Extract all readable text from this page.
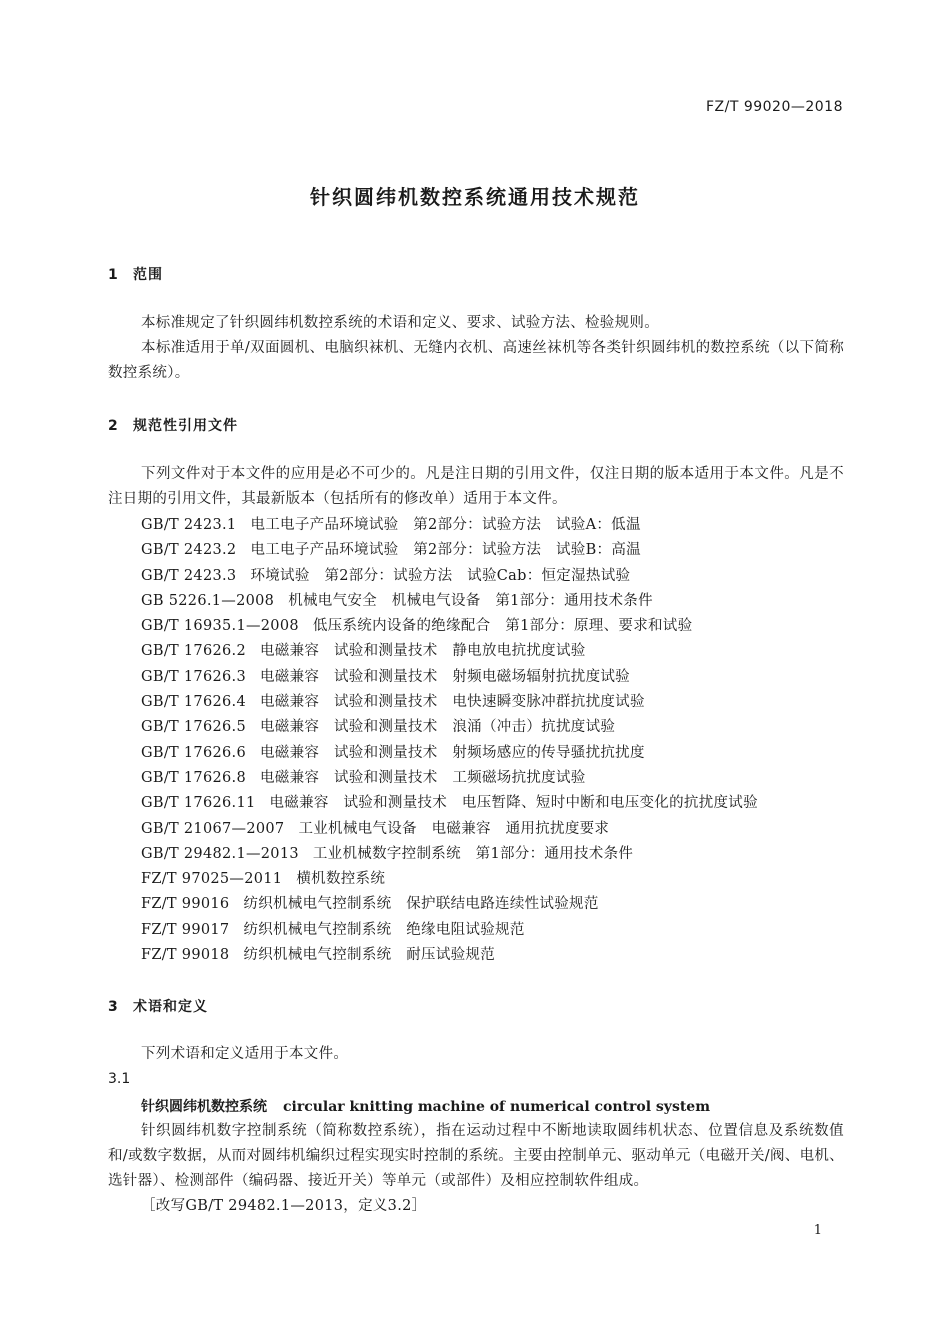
FZ/T 99020—2018
针织圆纬机数控系统通用技术规范
1 范围

本标准规定了针织圆纬机数控系统的术语和定义、要求、试验方法、检验规则。

本标准适用于单/双面圆机、电脑织袜机、无缝内衣机、高速丝袜机等各类针织圆纬机的数控系统（以下简称数控系统）。

2 规范性引用文件

下列文件对于本文件的应用是必不可少的。凡是注日期的引用文件，仅注日期的版本适用于本文件。凡是不注日期的引用文件，其最新版本（包括所有的修改单）适用于本文件。

GB/T 2423.1 电工电子产品环境试验　第2部分：试验方法　试验A：低温
GB/T 2423.2 电工电子产品环境试验　第2部分：试验方法　试验B：高温
GB/T 2423.3 环境试验　第2部分：试验方法　试验Cab：恒定湿热试验
GB 5226.1—2008 机械电气安全　机械电气设备　第1部分：通用技术条件
GB/T 16935.1—2008 低压系统内设备的绝缘配合　第1部分：原理、要求和试验
GB/T 17626.2 电磁兼容　试验和测量技术　静电放电抗扰度试验
GB/T 17626.3 电磁兼容　试验和测量技术　射频电磁场辐射抗扰度试验
GB/T 17626.4 电磁兼容　试验和测量技术　电快速瞬变脉冲群抗扰度试验
GB/T 17626.5 电磁兼容　试验和测量技术　浪涌（冲击）抗扰度试验
GB/T 17626.6 电磁兼容　试验和测量技术　射频场感应的传导骚扰抗扰度
GB/T 17626.8 电磁兼容　试验和测量技术　工频磁场抗扰度试验
GB/T 17626.11 电磁兼容　试验和测量技术　电压暂降、短时中断和电压变化的抗扰度试验
GB/T 21067—2007 工业机械电气设备　电磁兼容　通用抗扰度要求
GB/T 29482.1—2013 工业机械数字控制系统　第1部分：通用技术条件
FZ/T 97025—2011 横机数控系统
FZ/T 99016 纺织机械电气控制系统　保护联结电路连续性试验规范
FZ/T 99017 纺织机械电气控制系统　绝缘电阻试验规范
FZ/T 99018 纺织机械电气控制系统　耐压试验规范
3 术语和定义

下列术语和定义适用于本文件。

3.1
针织圆纬机数控系统 circular knitting machine of numerical control system

针织圆纬机数字控制系统（简称数控系统），指在运动过程中不断地读取圆纬机状态、位置信息及系统数值和/或数字数据，从而对圆纬机编织过程实现实时控制的系统。主要由控制单元、驱动单元（电磁开关/阀、电机、选针器）、检测部件（编码器、接近开关）等单元（或部件）及相应控制软件组成。

［改写GB/T 29482.1—2013，定义3.2］
1
